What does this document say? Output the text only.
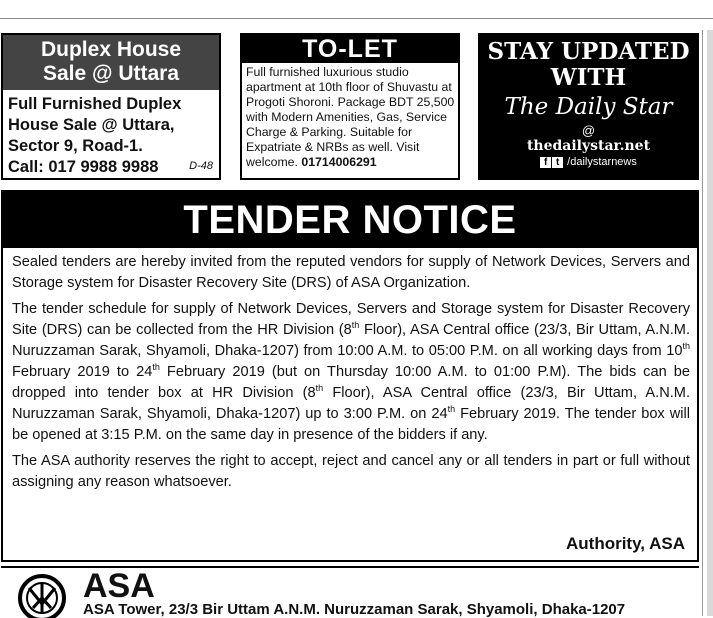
Duplex House
Sale @ Uttara
Full Furnished Duplex
House Sale @ Uttara,
Sector 9, Road-1.
Call: 017 9988 9988	D-48
TO-LET
Full furnished luxurious studio apartment at 10th floor of Shuvastu at Progoti Shoroni. Package BDT 25,500 with Modern Amenities, Gas, Service Charge & Parking. Suitable for Expatriate & NRBs as well. Visit welcome. 01714006291
STAY UPDATED
WITH
The Daily Star
@
thedailystar.net
f t /dailystarnews
TENDER NOTICE

Sealed tenders are hereby invited from the reputed vendors for supply of Network Devices, Servers and Storage system for Disaster Recovery Site (DRS) of ASA Organization.

The tender schedule for supply of Network Devices, Servers and Storage system for Disaster Recovery Site (DRS) can be collected from the HR Division (8th Floor), ASA Central office (23/3, Bir Uttam, A.N.M. Nuruzzaman Sarak, Shyamoli, Dhaka-1207) from 10:00 A.M. to 05:00 P.M. on all working days from 10th February 2019 to 24th February 2019 (but on Thursday 10:00 A.M. to 01:00 P.M). The bids can be dropped into tender box at HR Division (8th Floor), ASA Central office (23/3, Bir Uttam, A.N.M. Nuruzzaman Sarak, Shyamoli, Dhaka-1207) up to 3:00 P.M. on 24th February 2019. The tender box will be opened at 3:15 P.M. on the same day in presence of the bidders if any.

The ASA authority reserves the right to accept, reject and cancel any or all tenders in part or full without assigning any reason whatsoever.

Authority, ASA
ASA
ASA Tower, 23/3 Bir Uttam A.N.M. Nuruzzaman Sarak, Shyamoli, Dhaka-1207
